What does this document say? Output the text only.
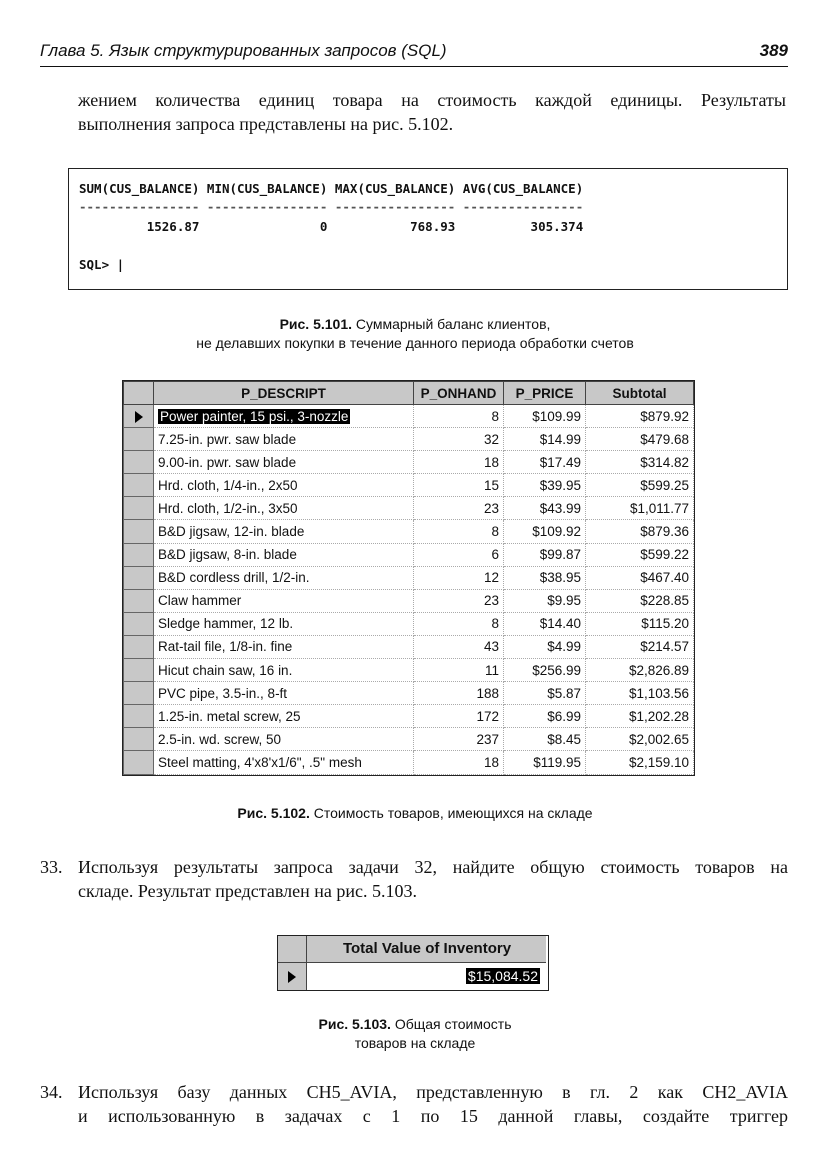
Глава 5. Язык структурированных запросов (SQL)	389
жением количества единиц товара на стоимость каждой единицы. Результаты
выполнения запроса представлены на рис. 5.102.
SUM(CUS_BALANCE) MIN(CUS_BALANCE) MAX(CUS_BALANCE) AVG(CUS_BALANCE)
---------------- ---------------- ---------------- ----------------
1526.87                0           768.93          305.374
SQL> |
Рис. 5.101. Суммарный баланс клиентов,
не делавших покупки в течение данного периода обработки счетов
	P_DESCRIPT	P_ONHAND	P_PRICE	Subtotal
	Power painter, 15 psi., 3-nozzle	8	$109.99	$879.92
	7.25-in. pwr. saw blade	32	$14.99	$479.68
	9.00-in. pwr. saw blade	18	$17.49	$314.82
	Hrd. cloth, 1/4-in., 2x50	15	$39.95	$599.25
	Hrd. cloth, 1/2-in., 3x50	23	$43.99	$1,011.77
	B&D jigsaw, 12-in. blade	8	$109.92	$879.36
	B&D jigsaw, 8-in. blade	6	$99.87	$599.22
	B&D cordless drill, 1/2-in.	12	$38.95	$467.40
	Claw hammer	23	$9.95	$228.85
	Sledge hammer, 12 lb.	8	$14.40	$115.20
	Rat-tail file, 1/8-in. fine	43	$4.99	$214.57
	Hicut chain saw, 16 in.	11	$256.99	$2,826.89
	PVC pipe, 3.5-in., 8-ft	188	$5.87	$1,103.56
	1.25-in. metal screw, 25	172	$6.99	$1,202.28
	2.5-in. wd. screw, 50	237	$8.45	$2,002.65
	Steel matting, 4'x8'x1/6", .5" mesh	18	$119.95	$2,159.10
Рис. 5.102. Стоимость товаров, имеющихся на складе
33. Используя результаты запроса задачи 32, найдите общую стоимость товаров на
складе. Результат представлен на рис. 5.103.
Total Value of Inventory
$15,084.52
Рис. 5.103. Общая стоимость
товаров на складе
34. Используя базу данных CH5_AVIA, представленную в гл. 2 как CH2_AVIA
и использованную в задачах с 1 по 15 данной главы, создайте триггер
